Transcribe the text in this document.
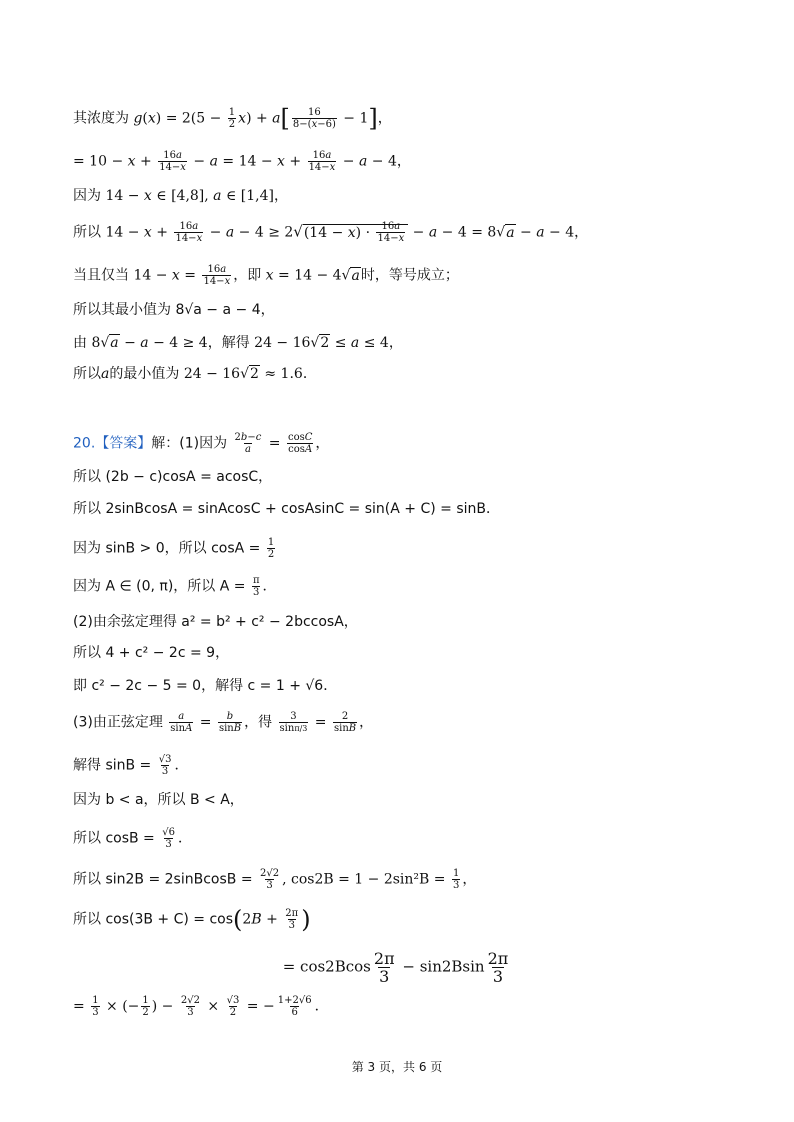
其浓度为 $g(x) = 2(5 - \frac{1}{2} x) + a[ \frac{16}{8-(x-6)} - 1]$，
= $10 - x + \frac{16a}{14-x} - a = 14 - x + \frac{16a}{14-x} - a - 4$，
因为 14 − x ∈ [4,8], a ∈ [1,4]，
所以 $14 - x + \frac{16a}{14-x} - a - 4 \ge 2√(14 - x) \cdot \frac{16a}{14-x} - a - 4 = 8√a - a - 4$，
当且仅当 $14 - x = \frac{16a}{14-x}$ ，即 x = 14 − 4√a时，等号成立；
所以其最小值为 8√a − a − 4，
由 8√a − a − 4 ≥ 4，解得 24 − 16√2 ≤ a ≤ 4，
所以a的最小值为 24 − 16√2 ≈ 1.6．
20.【答案】解：(1)因为 $\frac{2b-c}{a} = \frac{\cos C}{\cos A}$ ，
所以 (2b − c)cosA = acosC，
所以 2sinBcosA = sinAcosC + cosAsinC = sin(A + C) = sinB．
因为 sinB > 0，所以 $\cos A = \frac{1}{2}$
因为 A ∈ (0, π)，所以 $A = \frac{\pi}{3}$ ．
(2)由余弦定理得 a² = b² + c² − 2bccosA，
所以 4 + c² − 2c = 9，
即 c² − 2c − 5 = 0，解得 c = 1 + √6．
(3)由正弦定理 $\frac{a}{\sin A} = \frac{b}{\sin B}$ ，得 $\frac{3}{\sin\pi/3} = \frac{2}{\sin B}$ ，
解得 $\sin B = \frac{√3}{3}$ ．
因为 b < a，所以 B < A，
所以 $\cos B = \frac{√6}{3}$ ．
所以 sin2B = 2sinBcosB = $\frac{2√2}{3}$ , $\cos 2B = 1 - 2\sin^2B = \frac{1}{3}$ ，
所以 $\cos(3B + C) = \cos(2B + \frac{2\pi}{3}$ )
= $\cos 2Bcos \frac{2\pi}{3} - \sin 2Bsin \frac{2\pi}{3}$
= $\frac{1}{3}$ × (− $\frac{1}{2}$ ) − $\frac{2√2}{3} \times \frac{√3}{2}$ = − $\frac{1+2√6}{6}$ ．
第 3 页，共 6 页
